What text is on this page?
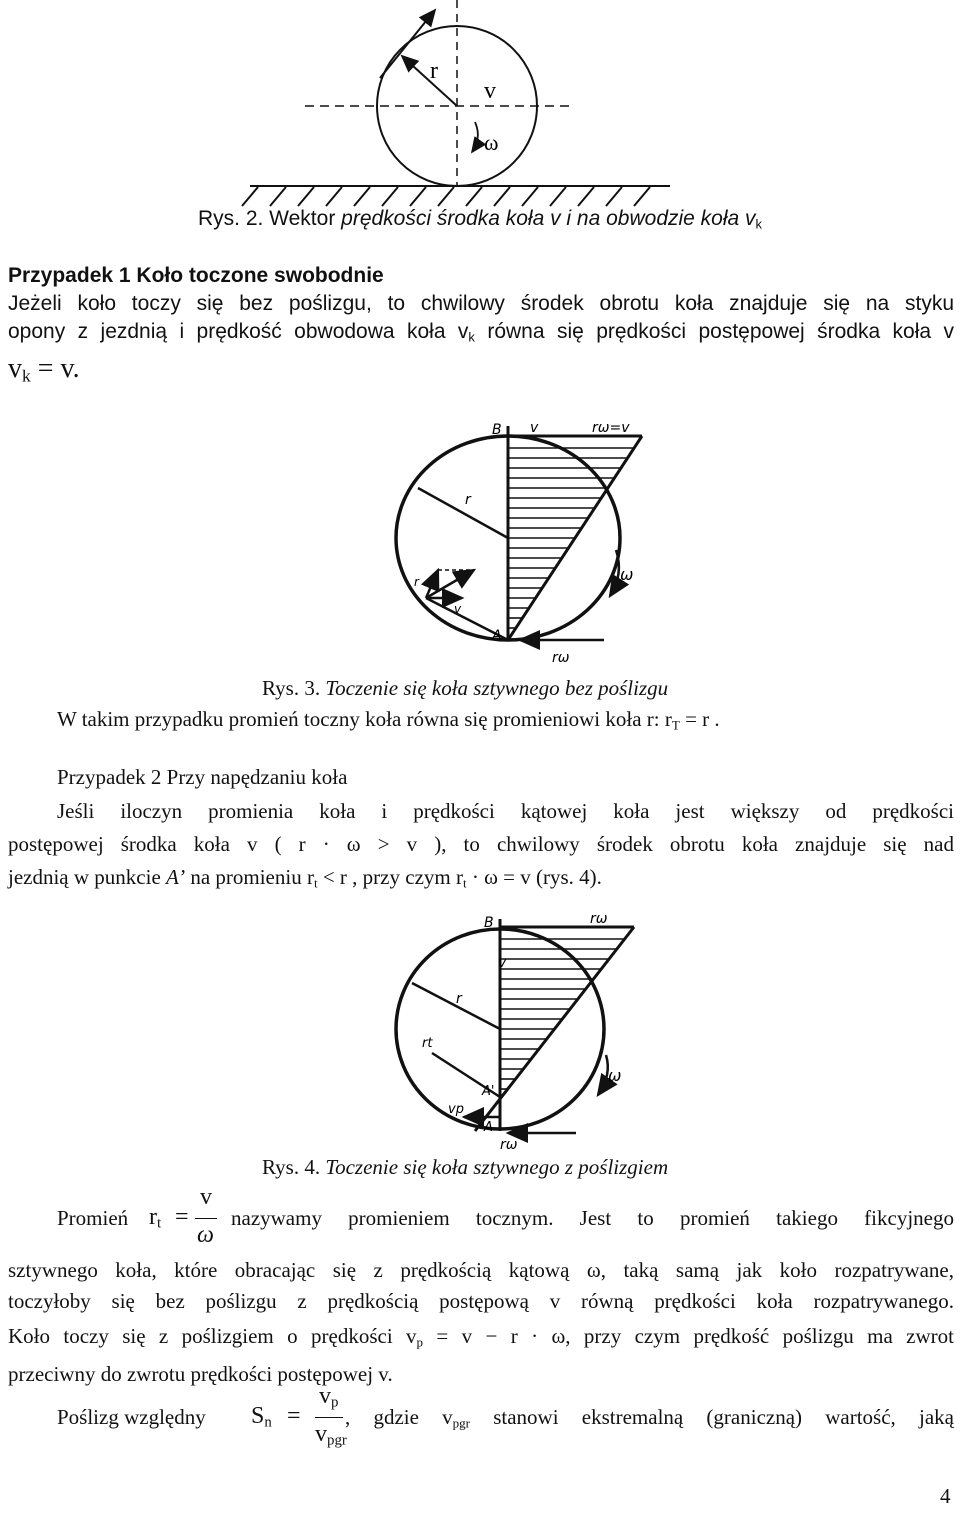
r
v
ω
Rys. 2. Wektor prędkości środka koła v i na obwodzie koła $v_k$
Przypadek 1 Koło toczone swobodnie
Jeżeli koło toczy się bez poślizgu, to chwilowy środek obrotu koła znajduje się na styku
opony z jezdnią i prędkość obwodowa koła $v_k$ równa się prędkości postępowej środka koła v
$v_k = v$.
B v	rω=v
r
A
rω
ω
r
v
Rys. 3. Toczenie się koła sztywnego bez poślizgu
W takim przypadku promień toczny koła równa się promieniowi koła r: $r_T = r$ .
Przypadek 2 Przy napędzaniu koła
Jeśli iloczyn promienia koła i prędkości kątowej koła jest większy od prędkości
postępowej środka koła v ( r · ω > v ), to chwilowy środek obrotu koła znajduje się nad
jezdnią w punkcie A’ na promieniu $r_t < r$ , przy czym $r_t \cdot \omega = v$ (rys. 4).
B	rω
v
r
rt
A'
A
vp
rω
ω
Rys. 4. Toczenie się koła sztywnego z poślizgiem
Promień $r_t$ =
v
ω
nazywamy promieniem tocznym. Jest to promień takiego fikcyjnego
sztywnego koła, które obracając się z prędkością kątową ω, taką samą jak koło rozpatrywane,
toczyłoby się bez poślizgu z prędkością postępową v równą prędkości koła rozpatrywanego.
Koło toczy się z poślizgiem o prędkości $v_p = v - r \cdot \omega$, przy czym prędkość poślizgu ma zwrot
przeciwny do zwrotu prędkości postępowej v.
Poślizg względny $S_n$ =
$v_p$
$v_{pgr}$
, gdzie $v_{pgr}$ stanowi ekstremalną (graniczną) wartość, jaką
4
